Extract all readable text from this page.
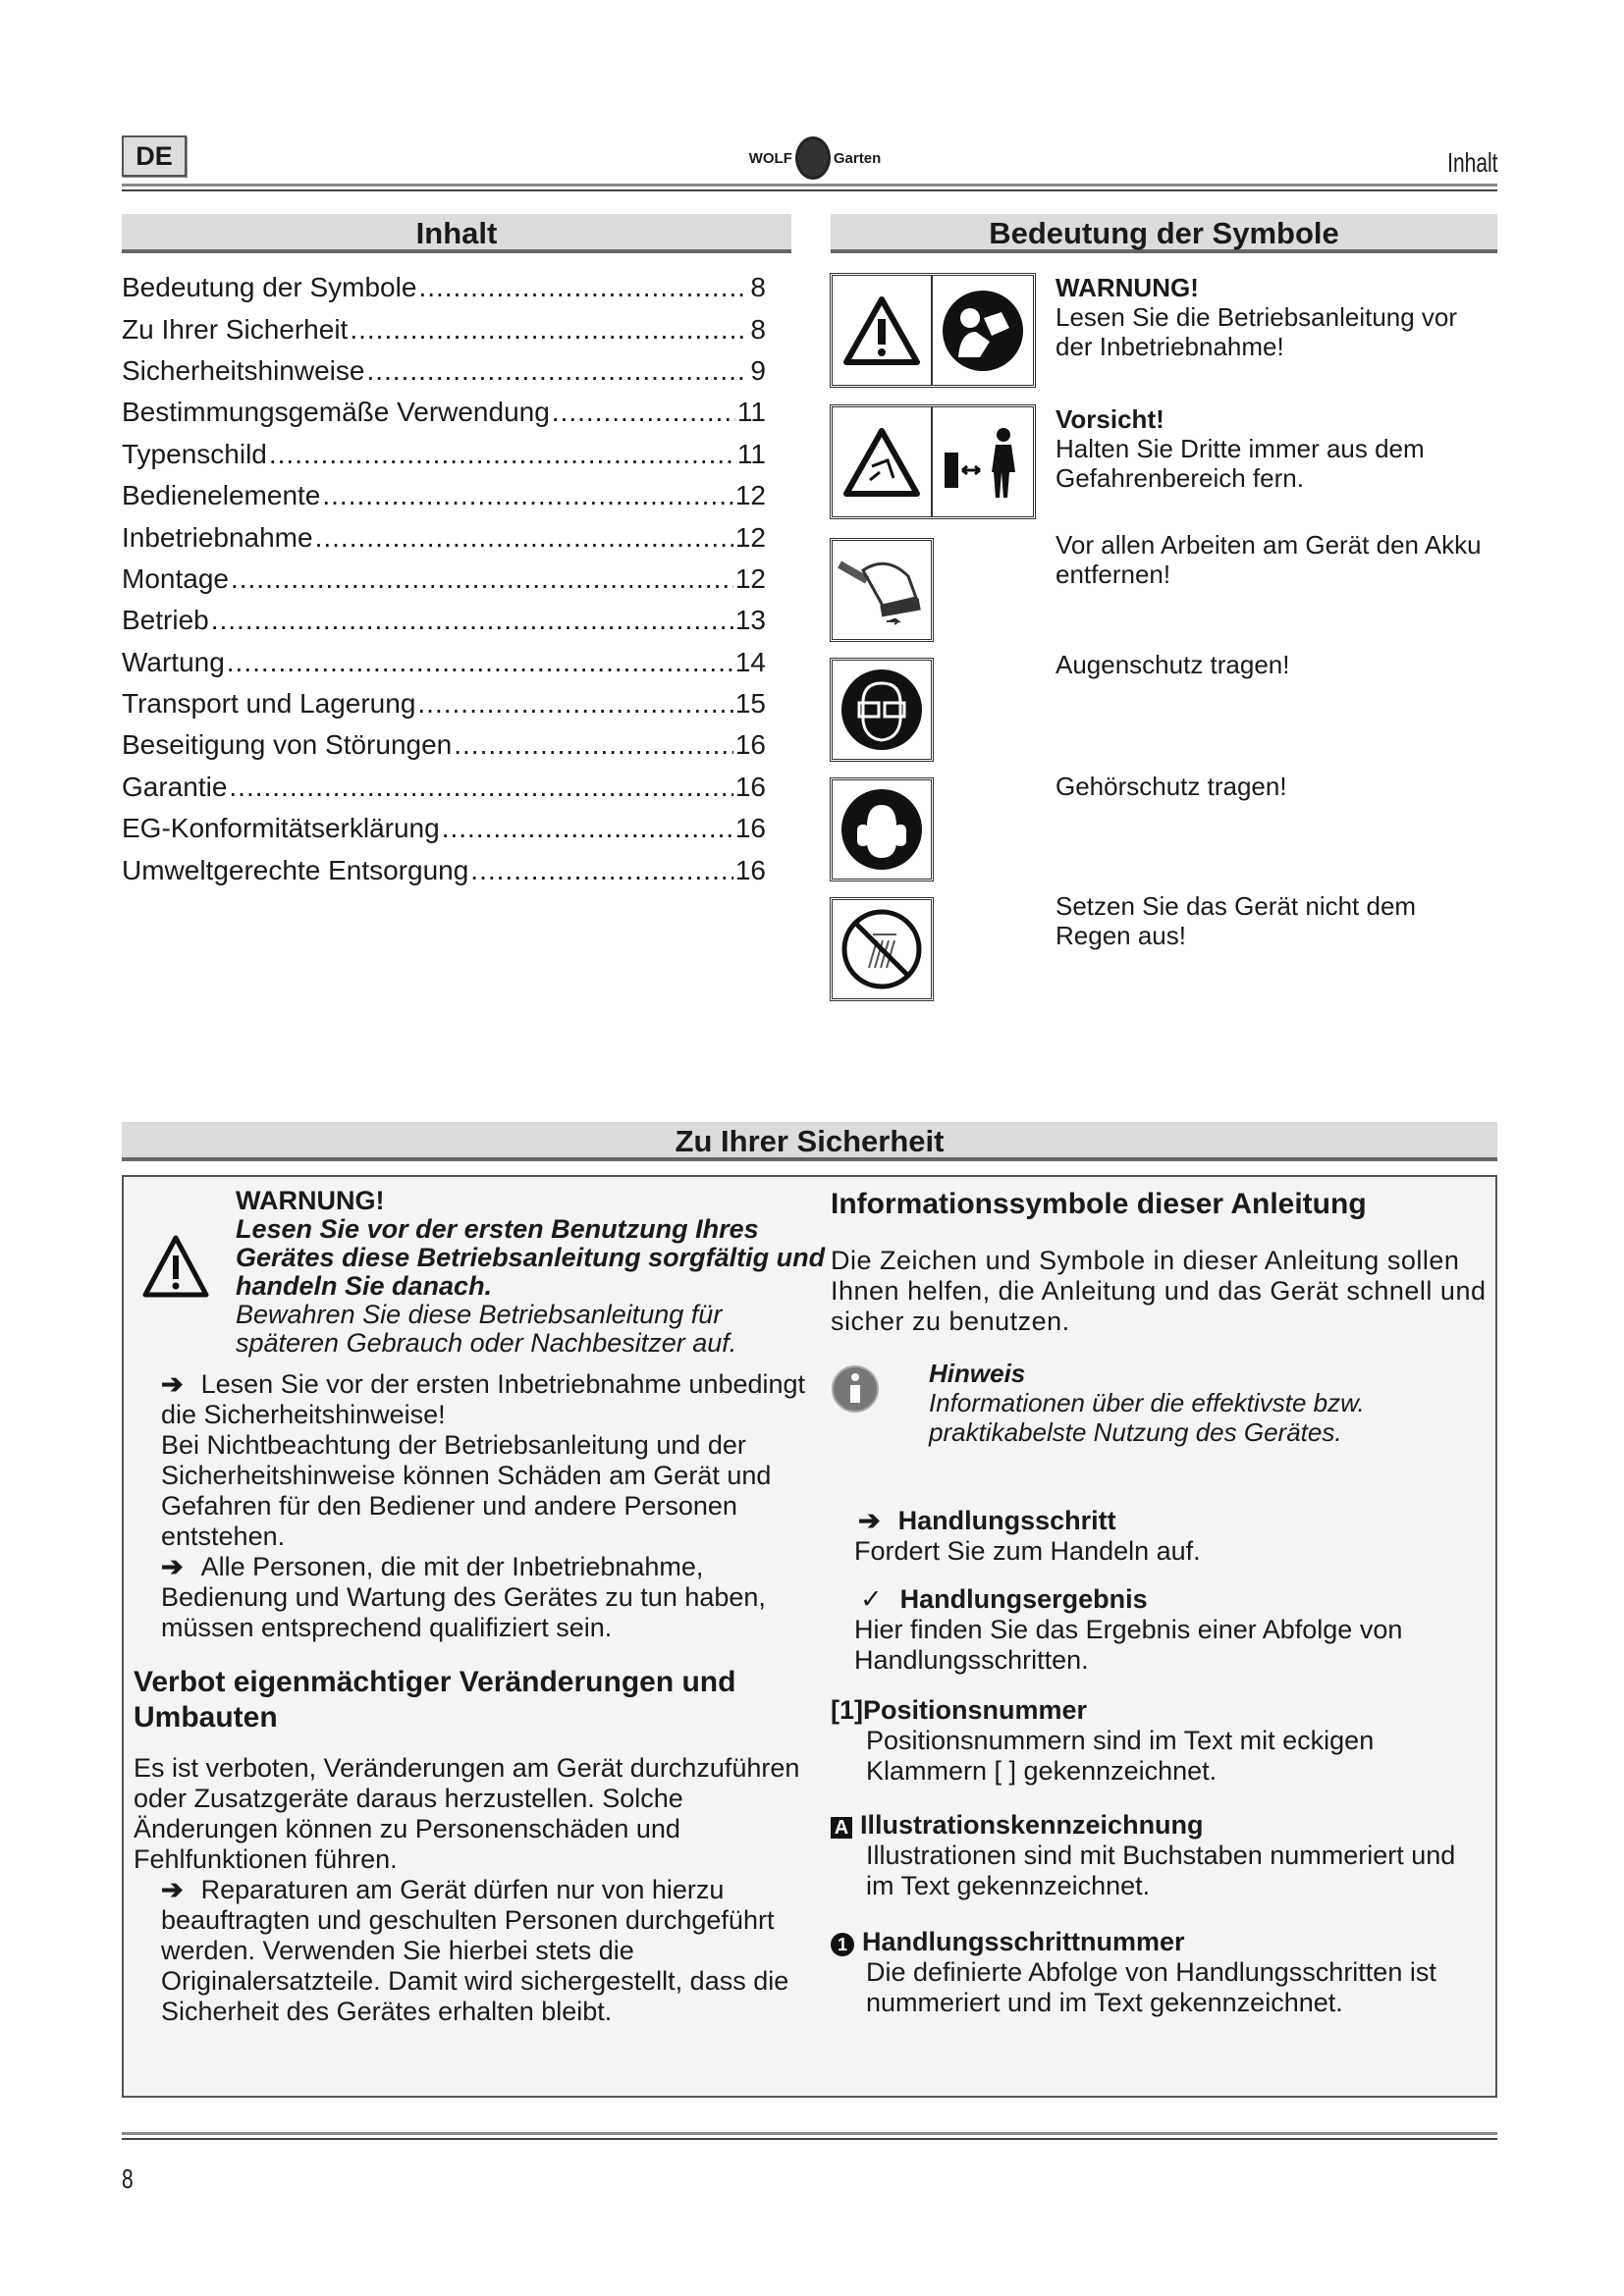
DE	WOLF	Garten	Inhalt
Inhalt	Bedeutung der Symbole
Bedeutung der Symbole .....	8
Zu Ihrer Sicherheit .....	8
Sicherheitshinweise .....	9
Bestimmungsgemäße Verwendung .....	11
Typenschild .....	11
Bedienelemente .....	12
Inbetriebnahme .....	12
Montage .....	12
Betrieb .....	13
Wartung .....	14
Transport und Lagerung .....	15
Beseitigung von Störungen .....	16
Garantie .....	16
EG-Konformitätserklärung .....	16
Umweltgerechte Entsorgung .....	16
WARNUNG!
Lesen Sie die Betriebsanleitung vor der Inbetriebnahme!
Vorsicht!
Halten Sie Dritte immer aus dem Gefahrenbereich fern.
Vor allen Arbeiten am Gerät den Akku entfernen!
Augenschutz tragen!
Gehörschutz tragen!
Setzen Sie das Gerät nicht dem Regen aus!
Zu Ihrer Sicherheit
WARNUNG!
Lesen Sie vor der ersten Benutzung Ihres Gerätes diese Betriebsanleitung sorgfältig und handeln Sie danach.
Bewahren Sie diese Betriebsanleitung für späteren Gebrauch oder Nachbesitzer auf.
➔ Lesen Sie vor der ersten Inbetriebnahme unbedingt die Sicherheitshinweise!
Bei Nichtbeachtung der Betriebsanleitung und der Sicherheitshinweise können Schäden am Gerät und Gefahren für den Bediener und andere Personen entstehen.
➔ Alle Personen, die mit der Inbetriebnahme, Bedienung und Wartung des Gerätes zu tun haben, müssen entsprechend qualifiziert sein.
Verbot eigenmächtiger Veränderungen und Umbauten
Es ist verboten, Veränderungen am Gerät durchzuführen oder Zusatzgeräte daraus herzustellen. Solche Änderungen können zu Personenschäden und Fehlfunktionen führen.
➔ Reparaturen am Gerät dürfen nur von hierzu beauftragten und geschulten Personen durchgeführt werden. Verwenden Sie hierbei stets die Originalersatzteile. Damit wird sichergestellt, dass die Sicherheit des Gerätes erhalten bleibt.
Informationssymbole dieser Anleitung
Die Zeichen und Symbole in dieser Anleitung sollen Ihnen helfen, die Anleitung und das Gerät schnell und sicher zu benutzen.
Hinweis
Informationen über die effektivste bzw. praktikabelste Nutzung des Gerätes.
➔ Handlungsschritt
Fordert Sie zum Handeln auf.
✓ Handlungsergebnis
Hier finden Sie das Ergebnis einer Abfolge von Handlungsschritten.
[1]Positionsnummer
Positionsnummern sind im Text mit eckigen Klammern [ ] gekennzeichnet.
A Illustrationskennzeichnung
Illustrationen sind mit Buchstaben nummeriert und im Text gekennzeichnet.
1 Handlungsschrittnummer
Die definierte Abfolge von Handlungsschritten ist nummeriert und im Text gekennzeichnet.
8
